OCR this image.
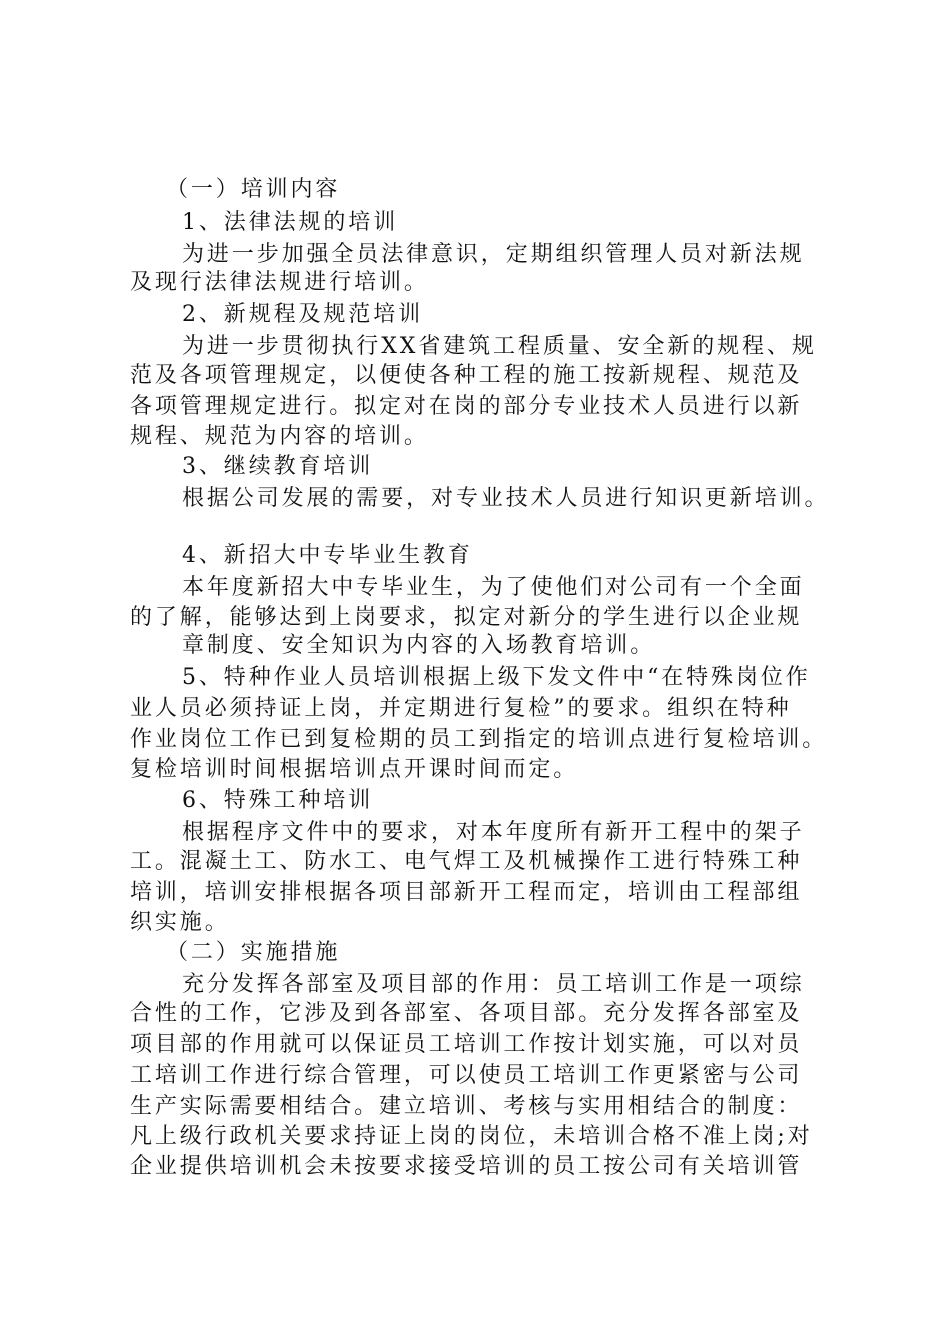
（一）培训内容
1、法律法规的培训
为进一步加强全员法律意识，定期组织管理人员对新法规
及现行法律法规进行培训。
2、新规程及规范培训
为进一步贯彻执行XX省建筑工程质量、安全新的规程、规
范及各项管理规定，以便使各种工程的施工按新规程、规范及
各项管理规定进行。拟定对在岗的部分专业技术人员进行以新
规程、规范为内容的培训。
3、继续教育培训
根据公司发展的需要，对专业技术人员进行知识更新培训。
4、新招大中专毕业生教育
本年度新招大中专毕业生，为了使他们对公司有一个全面
的了解，能够达到上岗要求，拟定对新分的学生进行以企业规
章制度、安全知识为内容的入场教育培训。
5、特种作业人员培训根据上级下发文件中“在特殊岗位作
业人员必须持证上岗，并定期进行复检”的要求。组织在特种
作业岗位工作已到复检期的员工到指定的培训点进行复检培训。
复检培训时间根据培训点开课时间而定。
6、特殊工种培训
根据程序文件中的要求，对本年度所有新开工程中的架子
工。混凝土工、防水工、电气焊工及机械操作工进行特殊工种
培训，培训安排根据各项目部新开工程而定，培训由工程部组
织实施。
（二）实施措施
充分发挥各部室及项目部的作用：员工培训工作是一项综
合性的工作，它涉及到各部室、各项目部。充分发挥各部室及
项目部的作用就可以保证员工培训工作按计划实施，可以对员
工培训工作进行综合管理，可以使员工培训工作更紧密与公司
生产实际需要相结合。建立培训、考核与实用相结合的制度：
凡上级行政机关要求持证上岗的岗位，未培训合格不准上岗;对
企业提供培训机会未按要求接受培训的员工按公司有关培训管
